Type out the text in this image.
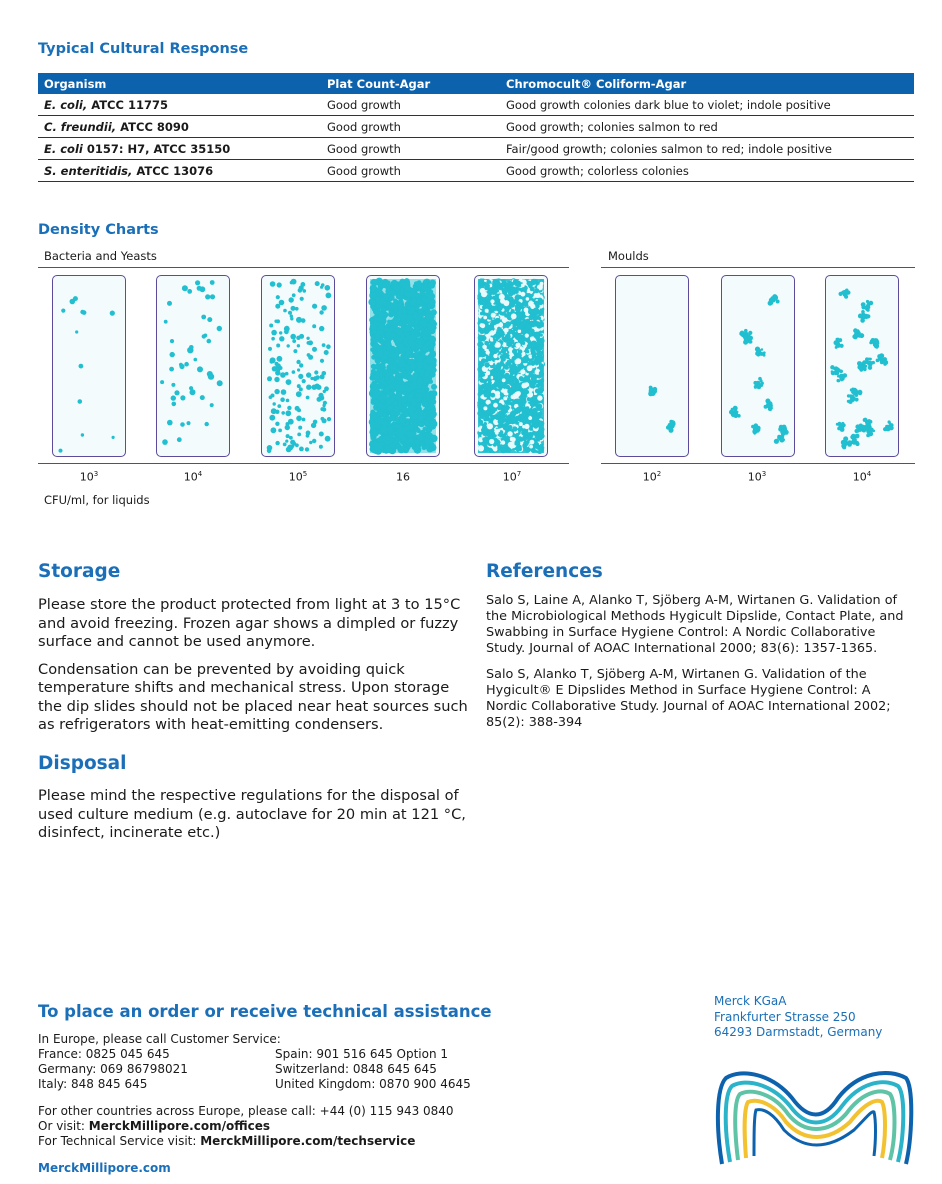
Typical Cultural Response
Organism	Plat Count-Agar	Chromocult® Coliform-Agar
E. coli, ATCC 11775	Good growth	Good growth colonies dark blue to violet; indole positive
C. freundii, ATCC 8090	Good growth	Good growth; colonies salmon to red
E. coli 0157: H7, ATCC 35150	Good growth	Fair/good growth; colonies salmon to red; indole positive
S. enteritidis, ATCC 13076	Good growth	Good growth; colorless colonies
Density Charts
Bacteria and Yeasts	Moulds
$10^3$	$10^4$	$10^5$	16	$10^7$	$10^2$	$10^3$	$10^4$
CFU/ml, for liquids
Storage

Please store the product protected from light at 3 to 15°C and avoid freezing. Frozen agar shows a dimpled or fuzzy surface and cannot be used anymore.

Condensation can be prevented by avoiding quick temperature shifts and mechanical stress. Upon storage the dip slides should not be placed near heat sources such as refrigerators with heat-emitting condensers.

Disposal

Please mind the respective regulations for the disposal of used culture medium (e.g. autoclave for 20 min at 121 °C, disinfect, incinerate etc.)

References

Salo S, Laine A, Alanko T, Sjöberg A-M, Wirtanen G. Validation of the Microbiological Methods Hygicult Dipslide, Contact Plate, and Swabbing in Surface Hygiene Control: A Nordic Collaborative Study. Journal of AOAC International 2000; 83(6): 1357-1365.

Salo S, Alanko T, Sjöberg A-M, Wirtanen G. Validation of the Hygicult® E Dipslides Method in Surface Hygiene Control: A Nordic Collaborative Study. Journal of AOAC International 2002; 85(2): 388-394

To place an order or receive technical assistance
In Europe, please call Customer Service:
France: 0825 045 645
Germany: 069 86798021
Italy: 848 845 645
Spain: 901 516 645 Option 1
Switzerland: 0848 645 645
United Kingdom: 0870 900 4645
For other countries across Europe, please call: +44 (0) 115 943 0840
Or visit: MerckMillipore.com/offices
For Technical Service visit: MerckMillipore.com/techservice
MerckMillipore.com
Merck KGaA
Frankfurter Strasse 250
64293 Darmstadt, Germany
